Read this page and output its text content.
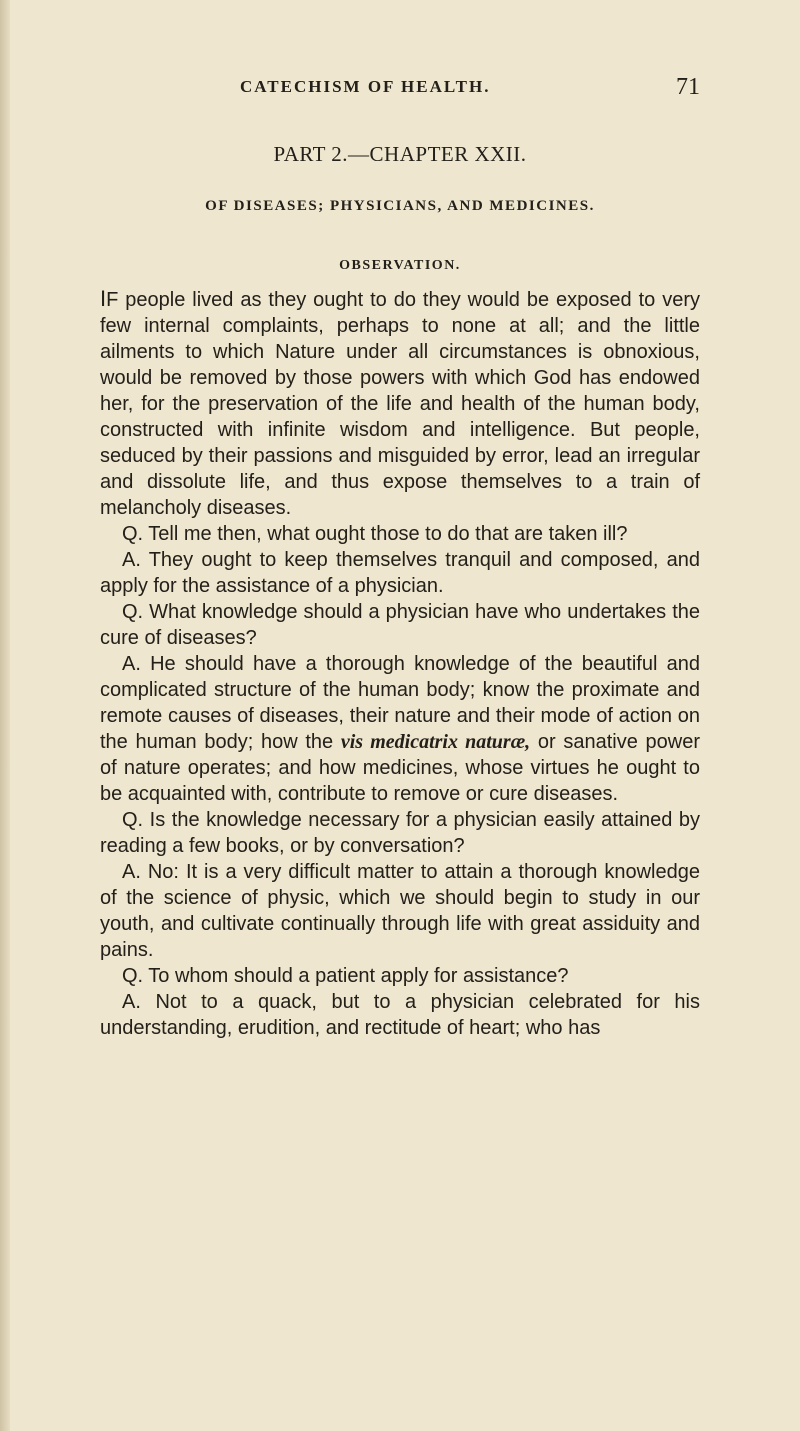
CATECHISM OF HEALTH.	71
PART 2.—CHAPTER XXII.
OF DISEASES; PHYSICIANS, AND MEDICINES.
OBSERVATION.

IF people lived as they ought to do they would be exposed to very few internal complaints, perhaps to none at all; and the little ailments to which Nature under all circumstances is obnoxious, would be removed by those powers with which God has endowed her, for the preservation of the life and health of the human body, constructed with infinite wisdom and intelligence. But people, seduced by their passions and misguided by error, lead an irregular and dissolute life, and thus expose themselves to a train of melancholy diseases.

Q. Tell me then, what ought those to do that are taken ill?

A. They ought to keep themselves tranquil and composed, and apply for the assistance of a physician.

Q. What knowledge should a physician have who undertakes the cure of diseases?

A. He should have a thorough knowledge of the beautiful and complicated structure of the human body; know the proximate and remote causes of diseases, their nature and their mode of action on the human body; how the vis medicatrix naturæ, or sanative power of nature operates; and how medicines, whose virtues he ought to be acquainted with, contribute to remove or cure diseases.

Q. Is the knowledge necessary for a physician easily attained by reading a few books, or by conversation?

A. No: It is a very difficult matter to attain a thorough knowledge of the science of physic, which we should begin to study in our youth, and cultivate continually through life with great assiduity and pains.

Q. To whom should a patient apply for assistance?

A. Not to a quack, but to a physician celebrated for his understanding, erudition, and rectitude of heart; who has
